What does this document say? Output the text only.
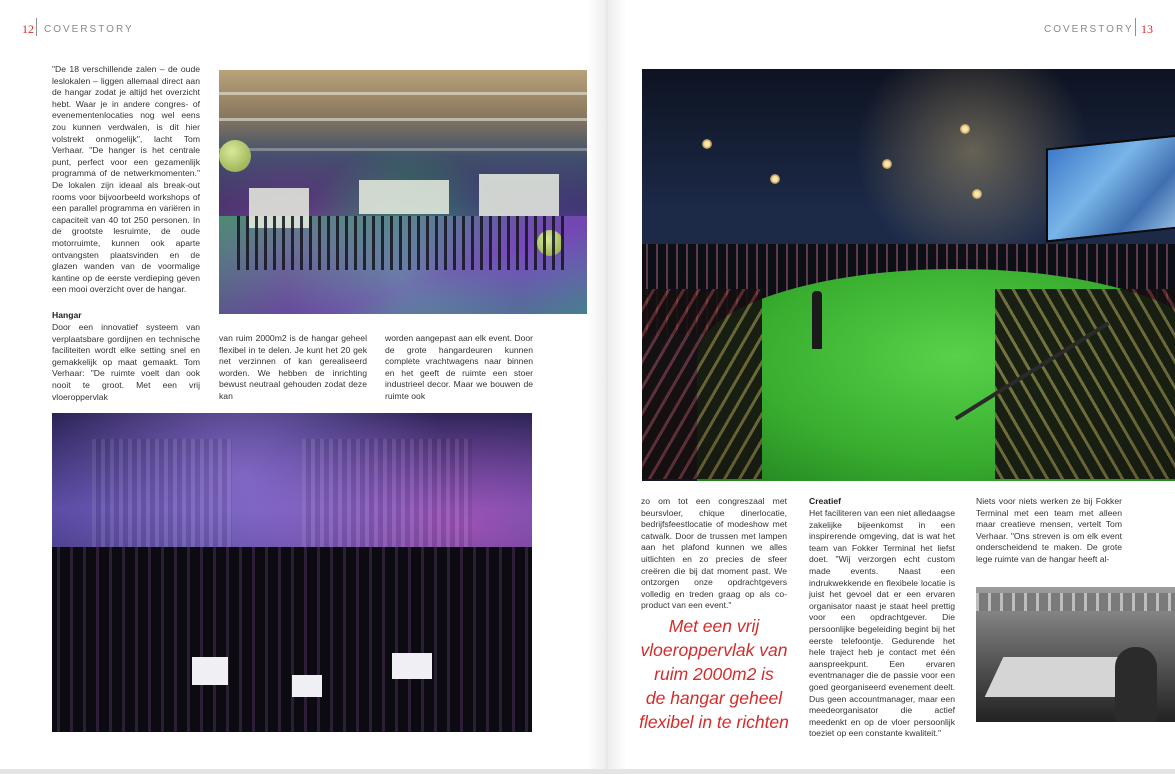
12 COVERSTORY	COVERSTORY 13

"De 18 verschillende zalen – de oude leslokalen – liggen allemaal direct aan de hangar zodat je altijd het overzicht hebt. Waar je in andere congres- of evenementenlocaties nog wel eens zou kunnen verdwalen, is dit hier volstrekt onmogelijk", lacht Tom Verhaar. "De hanger is het centrale punt, perfect voor een gezamenlijk programma of de netwerkmomenten." De lokalen zijn ideaal als break-out rooms voor bijvoorbeeld workshops of een parallel programma en variëren in capaciteit van 40 tot 250 personen. In de grootste lesruimte, de oude motorruimte, kunnen ook aparte ontvangsten plaatsvinden en de glazen wanden van de voormalige kantine op de eerste verdieping geven een mooi overzicht over de hangar.

Hangar

Door een innovatief systeem van verplaatsbare gordijnen en technische faciliteiten wordt elke setting snel en gemakkelijk op maat gemaakt. Tom Verhaar: "De ruimte voelt dan ook nooit te groot. Met een vrij vloeroppervlak

van ruim 2000m2 is de hangar geheel flexibel in te delen. Je kunt het 20 gek net verzinnen of kan gerealiseerd worden. We hebben de inrichting bewust neutraal gehouden zodat deze kan

worden aangepast aan elk event. Door de grote hangardeuren kunnen complete vrachtwagens naar binnen en het geeft de ruimte een stoer industrieel decor. Maar we bouwen de ruimte ook

zo om tot een congreszaal met beursvloer, chique dinerlocatie, bedrijfsfeestlocatie of modeshow met catwalk. Door de trussen met lampen aan het plafond kunnen we alles uitlichten en zo precies de sfeer creëren die bij dat moment past. We ontzorgen onze opdrachtgevers volledig en treden graag op als co-product van een event."

Met een vrij
vloeroppervlak van
ruim 2000m2 is
de hangar geheel
flexibel in te richten
Creatief

Het faciliteren van een niet alledaagse zakelijke bijeenkomst in een inspirerende omgeving, dat is wat het team van Fokker Terminal het liefst doet. "Wij verzorgen echt custom made events. Naast een indrukwekkende en flexibele locatie is juist het gevoel dat er een ervaren organisator naast je staat heel prettig voor een opdrachtgever. Die persoonlijke begeleiding begint bij het eerste telefoontje. Gedurende het hele traject heb je contact met één aanspreekpunt. Een ervaren eventmanager die de passie voor een goed georganiseerd evenement deelt. Dus geen accountmanager, maar een meedeorganisator die actief meedenkt en op de vloer persoonlijk toeziet op een constante kwaliteit."

Niets voor niets werken ze bij Fokker Terminal met een team met alleen maar creatieve mensen, vertelt Tom Verhaar. "Ons streven is om elk event onderscheidend te maken. De grote lege ruimte van de hangar heeft al-
